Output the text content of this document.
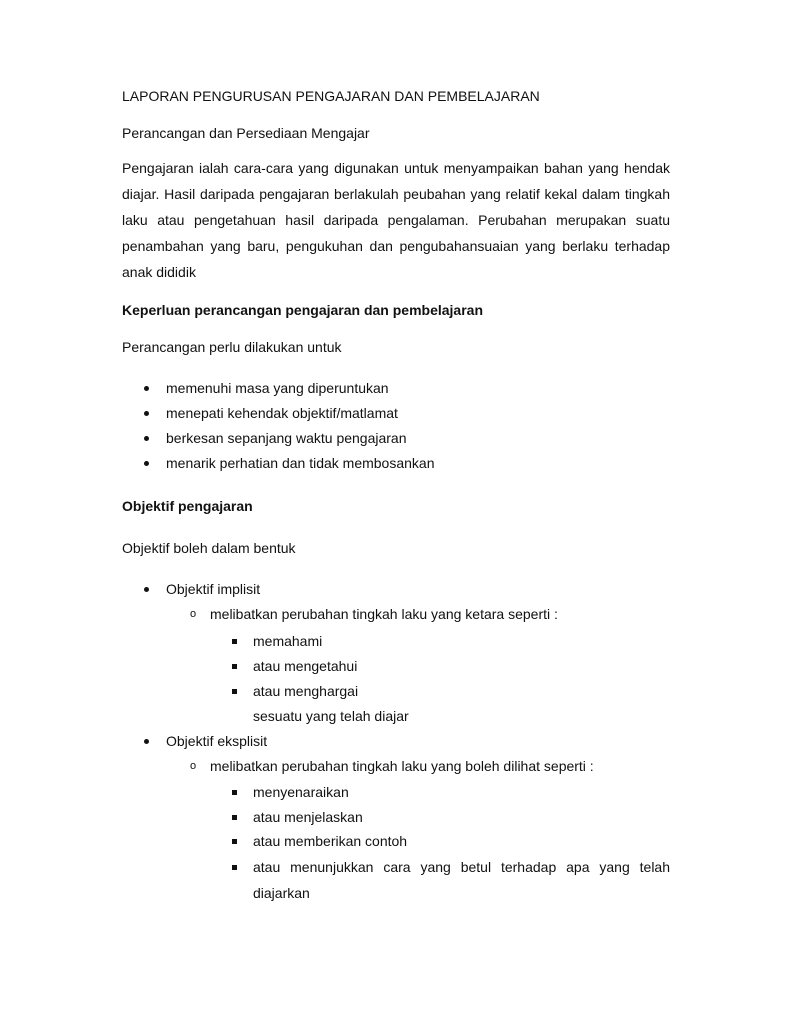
LAPORAN PENGURUSAN PENGAJARAN DAN PEMBELAJARAN
Perancangan dan Persediaan Mengajar
Pengajaran ialah cara-cara yang digunakan untuk menyampaikan bahan yang hendak diajar. Hasil daripada pengajaran berlakulah peubahan yang relatif kekal dalam tingkah laku atau pengetahuan hasil daripada pengalaman. Perubahan merupakan suatu penambahan yang baru, pengukuhan dan pengubahansuaian yang berlaku terhadap anak dididik
Keperluan perancangan pengajaran dan pembelajaran
Perancangan perlu dilakukan untuk
memenuhi masa yang diperuntukan
menepati kehendak objektif/matlamat
berkesan sepanjang waktu pengajaran
menarik perhatian dan tidak membosankan
Objektif pengajaran
Objektif boleh dalam bentuk
Objektif implisit
o melibatkan perubahan tingkah laku yang ketara seperti :
memahami
atau mengetahui
atau menghargai
sesuatu yang telah diajar
Objektif eksplisit
o melibatkan perubahan tingkah laku yang boleh dilihat seperti :
menyenaraikan
atau menjelaskan
atau memberikan contoh
atau menunjukkan cara yang betul terhadap apa yang telah
diajarkan
